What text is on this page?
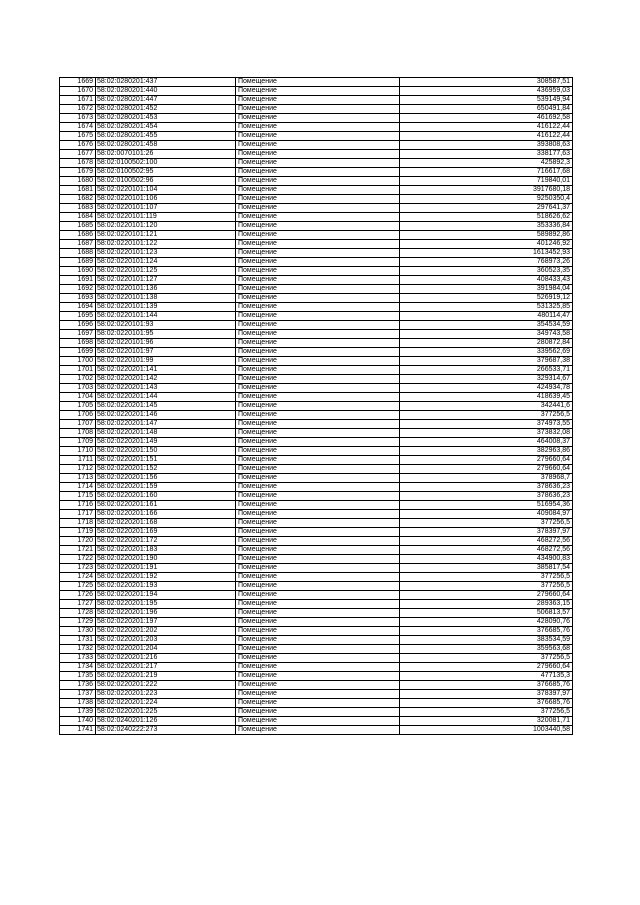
1669	58:02:0280201:437	Помещение	308587,51
1670	58:02:0280201:440	Помещение	436959,03
1671	58:02:0280201:447	Помещение	539149,94
1672	58:02:0280201:452	Помещение	650491,84
1673	58:02:0280201:453	Помещение	461692,58
1674	58:02:0280201:454	Помещение	416122,44
1675	58:02:0280201:455	Помещение	416122,44
1676	58:02:0280201:458	Помещение	393808,63
1677	58:02:0070101:26	Помещение	338177,63
1678	58:02:0100502:100	Помещение	425892,3
1679	58:02:0100502:95	Помещение	716617,68
1680	58:02:0100502:96	Помещение	719840,01
1681	58:02:0220101:104	Помещение	3917680,18
1682	58:02:0220101:106	Помещение	9250350,4
1683	58:02:0220101:107	Помещение	297641,37
1684	58:02:0220101:119	Помещение	518626,62
1685	58:02:0220101:120	Помещение	353336,84
1686	58:02:0220101:121	Помещение	589892,86
1687	58:02:0220101:122	Помещение	401246,92
1688	58:02:0220101:123	Помещение	1613452,93
1689	58:02:0220101:124	Помещение	768973,26
1690	58:02:0220101:125	Помещение	360523,35
1691	58:02:0220101:127	Помещение	408433,43
1692	58:02:0220101:136	Помещение	391984,04
1693	58:02:0220101:138	Помещение	526919,12
1694	58:02:0220101:139	Помещение	531325,85
1695	58:02:0220101:144	Помещение	480114,47
1696	58:02:0220101:93	Помещение	354534,59
1697	58:02:0220101:95	Помещение	349743,58
1698	58:02:0220101:96	Помещение	280872,84
1699	58:02:0220101:97	Помещение	339562,69
1700	58:02:0220101:99	Помещение	379687,38
1701	58:02:0220201:141	Помещение	266533,71
1702	58:02:0220201:142	Помещение	329314,67
1703	58:02:0220201:143	Помещение	424934,78
1704	58:02:0220201:144	Помещение	418639,45
1705	58:02:0220201:145	Помещение	342441,6
1706	58:02:0220201:146	Помещение	377256,5
1707	58:02:0220201:147	Помещение	374973,55
1708	58:02:0220201:148	Помещение	373832,08
1709	58:02:0220201:149	Помещение	464008,37
1710	58:02:0220201:150	Помещение	382963,86
1711	58:02:0220201:151	Помещение	279660,64
1712	58:02:0220201:152	Помещение	279660,64
1713	58:02:0220201:156	Помещение	378968,7
1714	58:02:0220201:159	Помещение	378636,23
1715	58:02:0220201:160	Помещение	378636,23
1716	58:02:0220201:161	Помещение	516954,36
1717	58:02:0220201:166	Помещение	409084,97
1718	58:02:0220201:168	Помещение	377256,5
1719	58:02:0220201:169	Помещение	378397,97
1720	58:02:0220201:172	Помещение	468272,56
1721	58:02:0220201:183	Помещение	468272,56
1722	58:02:0220201:190	Помещение	434900,83
1723	58:02:0220201:191	Помещение	385817,54
1724	58:02:0220201:192	Помещение	377256,5
1725	58:02:0220201:193	Помещение	377256,5
1726	58:02:0220201:194	Помещение	279660,64
1727	58:02:0220201:195	Помещение	289363,15
1728	58:02:0220201:196	Помещение	506813,57
1729	58:02:0220201:197	Помещение	428090,76
1730	58:02:0220201:202	Помещение	376685,76
1731	58:02:0220201:203	Помещение	383534,59
1732	58:02:0220201:204	Помещение	359563,68
1733	58:02:0220201:216	Помещение	377256,5
1734	58:02:0220201:217	Помещение	279660,64
1735	58:02:0220201:219	Помещение	477135,3
1736	58:02:0220201:222	Помещение	376685,76
1737	58:02:0220201:223	Помещение	378397,97
1738	58:02:0220201:224	Помещение	376685,76
1739	58:02:0220201:225	Помещение	377256,5
1740	58:02:0240201:126	Помещение	320081,71
1741	58:02:0240222:273	Помещение	1003440,58
